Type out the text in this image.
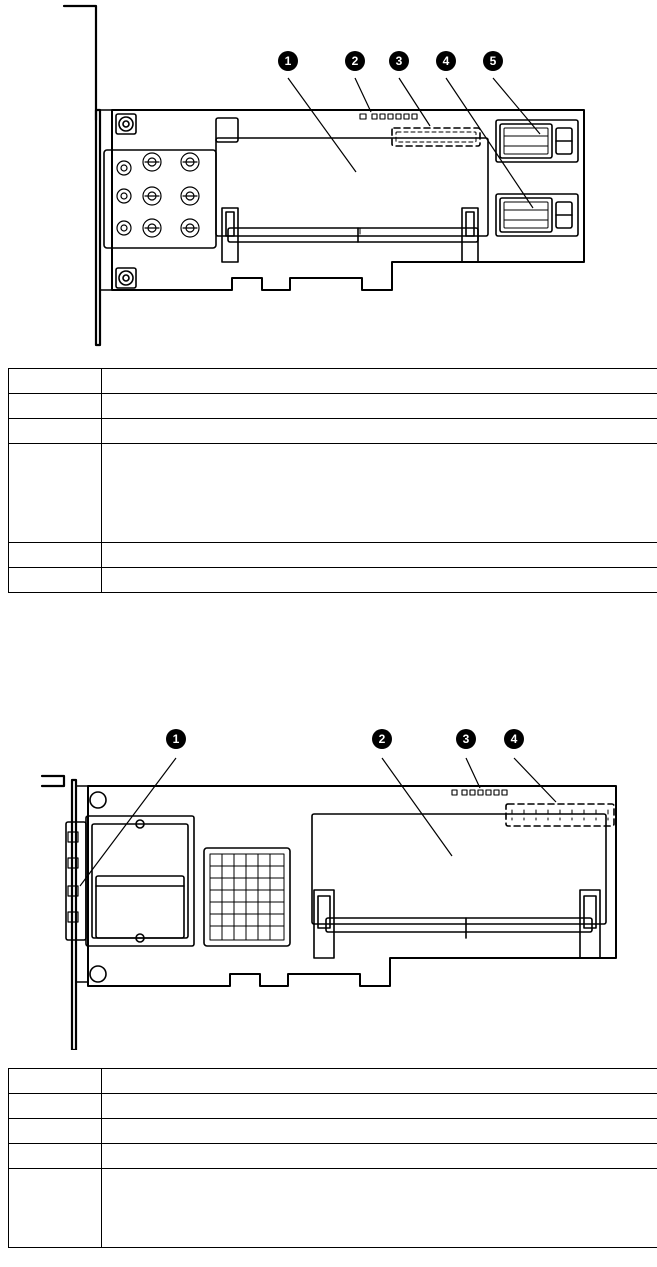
1	2	3	4	5

1	2	3	4
